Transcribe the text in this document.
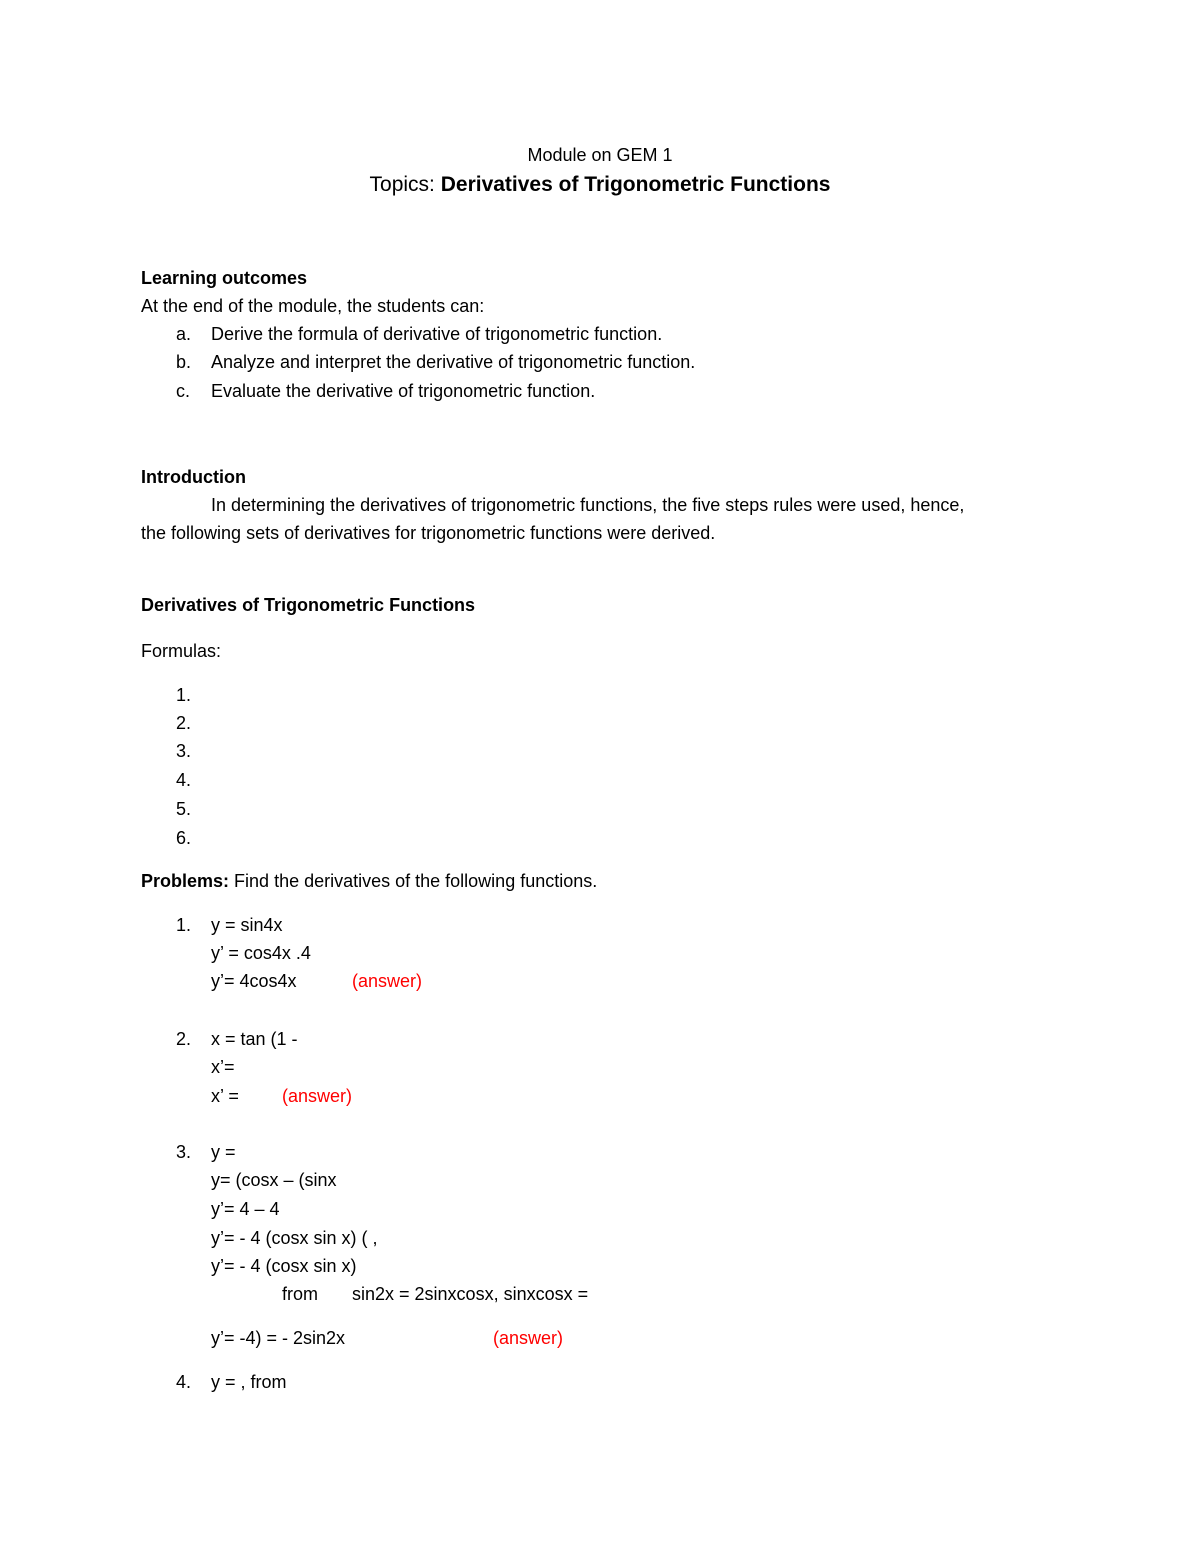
Module on GEM 1
Topics: Derivatives of Trigonometric Functions
Learning outcomes
At the end of the module, the students can:
a. Derive the formula of derivative of trigonometric function.
b. Analyze and interpret the derivative of trigonometric function.
c. Evaluate the derivative of trigonometric function.
Introduction
In determining the derivatives of trigonometric functions, the five steps rules were used, hence,
the following sets of derivatives for trigonometric functions were derived.
Derivatives of Trigonometric Functions
Formulas:
1.
2.
3.
4.
5.
6.
Problems: Find the derivatives of the following functions.
1. y = sin4x
y’ = cos4x .4
y’= 4cos4x	(answer)
2. x = tan (1 -
x’=
x’ = (answer)
3. y =
y= (cosx – (sinx
y’= 4 – 4
y’= - 4 (cosx sin x) ( ,
y’= - 4 (cosx sin x)
from sin2x = 2sinxcosx, sinxcosx =
y’= -4) = - 2sin2x	(answer)
4. y = , from
